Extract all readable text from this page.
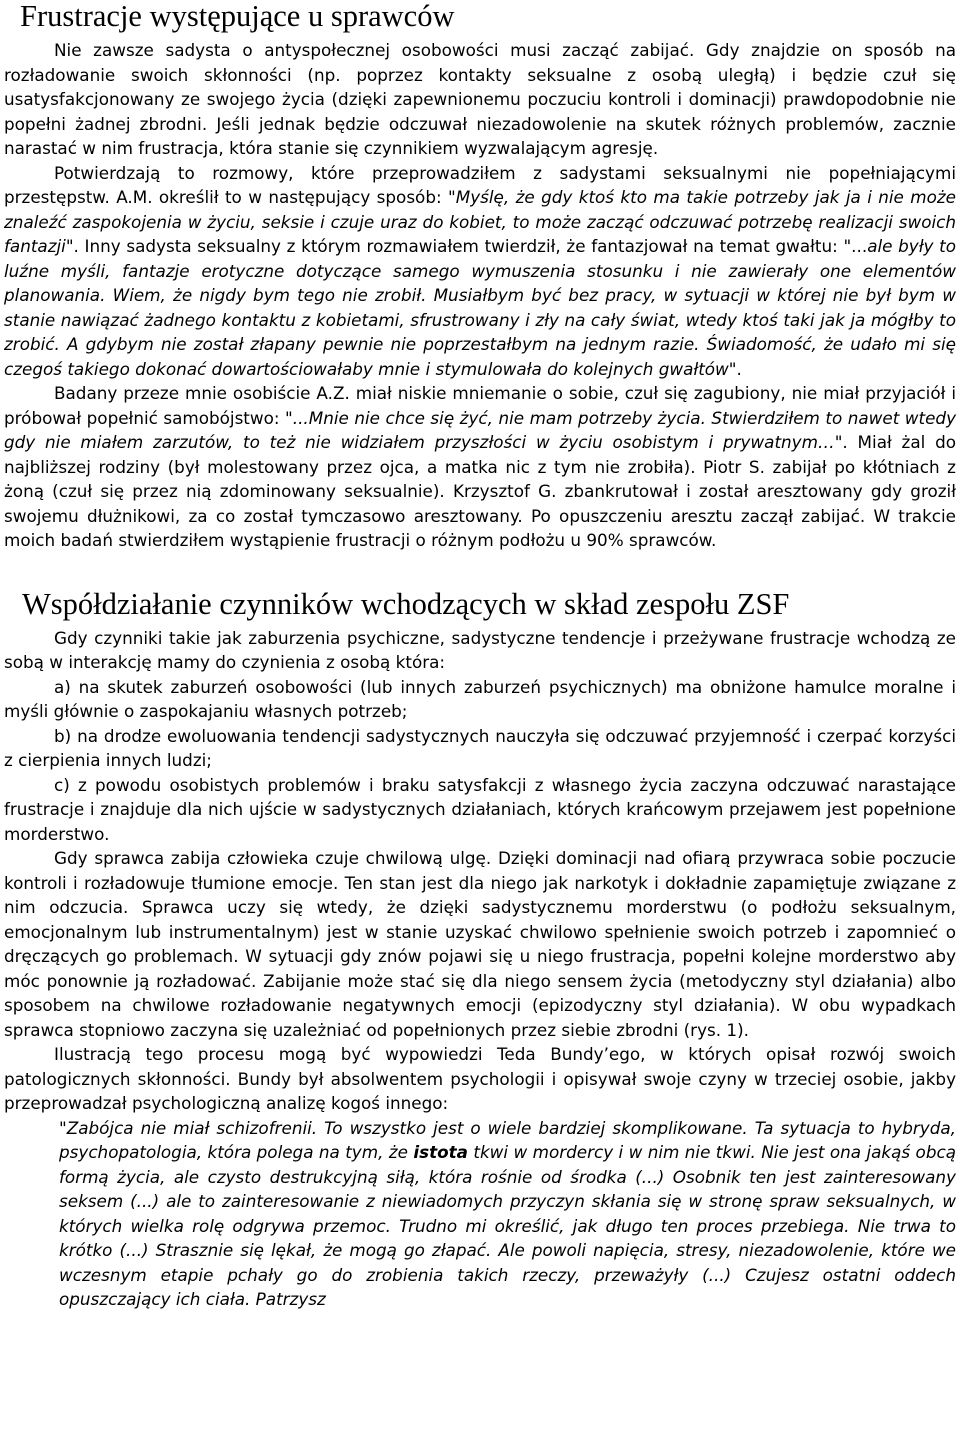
Frustracje występujące u sprawców

Nie zawsze sadysta o antyspołecznej osobowości musi zacząć zabijać. Gdy znajdzie on sposób na rozładowanie swoich skłonności (np. poprzez kontakty seksualne z osobą uległą) i będzie czuł się usatysfakcjonowany ze swojego życia (dzięki zapewnionemu poczuciu kontroli i dominacji) prawdopodobnie nie popełni żadnej zbrodni. Jeśli jednak będzie odczuwał niezadowolenie na skutek różnych problemów, zacznie narastać w nim frustracja, która stanie się czynnikiem wyzwalającym agresję.

Potwierdzają to rozmowy, które przeprowadziłem z sadystami seksualnymi nie popełniającymi przestępstw. A.M. określił to w następujący sposób: "Myślę, że gdy ktoś kto ma takie potrzeby jak ja i nie może znaleźć zaspokojenia w życiu, seksie i czuje uraz do kobiet, to może zacząć odczuwać potrzebę realizacji swoich fantazji". Inny sadysta seksualny z którym rozmawiałem twierdził, że fantazjował na temat gwałtu: "...ale były to luźne myśli, fantazje erotyczne dotyczące samego wymuszenia stosunku i nie zawierały one elementów planowania. Wiem, że nigdy bym tego nie zrobił. Musiałbym być bez pracy, w sytuacji w której nie był bym w stanie nawiązać żadnego kontaktu z kobietami, sfrustrowany i zły na cały świat, wtedy ktoś taki jak ja mógłby to zrobić. A gdybym nie został złapany pewnie nie poprzestałbym na jednym razie. Świadomość, że udało mi się czegoś takiego dokonać dowartościowałaby mnie i stymulowała do kolejnych gwałtów".

Badany przeze mnie osobiście A.Z. miał niskie mniemanie o sobie, czuł się zagubiony, nie miał przyjaciół i próbował popełnić samobójstwo: "...Mnie nie chce się żyć, nie mam potrzeby życia. Stwierdziłem to nawet wtedy gdy nie miałem zarzutów, to też nie widziałem przyszłości w życiu osobistym i prywatnym…". Miał żal do najbliższej rodziny (był molestowany przez ojca, a matka nic z tym nie zrobiła). Piotr S. zabijał po kłótniach z żoną (czuł się przez nią zdominowany seksualnie). Krzysztof G. zbankrutował i został aresztowany gdy groził swojemu dłużnikowi, za co został tymczasowo aresztowany. Po opuszczeniu aresztu zaczął zabijać. W trakcie moich badań stwierdziłem wystąpienie frustracji o różnym podłożu u 90% sprawców.

Współdziałanie czynników wchodzących w skład zespołu ZSF

Gdy czynniki takie jak zaburzenia psychiczne, sadystyczne tendencje i przeżywane frustracje wchodzą ze sobą w interakcję mamy do czynienia z osobą która:

a) na skutek zaburzeń osobowości (lub innych zaburzeń psychicznych) ma obniżone hamulce moralne i myśli głównie o zaspokajaniu własnych potrzeb;

b) na drodze ewoluowania tendencji sadystycznych nauczyła się odczuwać przyjemność i czerpać korzyści z cierpienia innych ludzi;

c) z powodu osobistych problemów i braku satysfakcji z własnego życia zaczyna odczuwać narastające frustracje i znajduje dla nich ujście w sadystycznych działaniach, których krańcowym przejawem jest popełnione morderstwo.

Gdy sprawca zabija człowieka czuje chwilową ulgę. Dzięki dominacji nad ofiarą przywraca sobie poczucie kontroli i rozładowuje tłumione emocje. Ten stan jest dla niego jak narkotyk i dokładnie zapamiętuje związane z nim odczucia. Sprawca uczy się wtedy, że dzięki sadystycznemu morderstwu (o podłożu seksualnym, emocjonalnym lub instrumentalnym) jest w stanie uzyskać chwilowo spełnienie swoich potrzeb i zapomnieć o dręczących go problemach. W sytuacji gdy znów pojawi się u niego frustracja, popełni kolejne morderstwo aby móc ponownie ją rozładować. Zabijanie może stać się dla niego sensem życia (metodyczny styl działania) albo sposobem na chwilowe rozładowanie negatywnych emocji (epizodyczny styl działania). W obu wypadkach sprawca stopniowo zaczyna się uzależniać od popełnionych przez siebie zbrodni (rys. 1).

Ilustracją tego procesu mogą być wypowiedzi Teda Bundy’ego, w których opisał rozwój swoich patologicznych skłonności. Bundy był absolwentem psychologii i opisywał swoje czyny w trzeciej osobie, jakby przeprowadzał psychologiczną analizę kogoś innego:

"Zabójca nie miał schizofrenii. To wszystko jest o wiele bardziej skomplikowane. Ta sytuacja to hybryda, psychopatologia, która polega na tym, że istota tkwi w mordercy i w nim nie tkwi. Nie jest ona jakąś obcą formą życia, ale czysto destrukcyjną siłą, która rośnie od środka (...) Osobnik ten jest zainteresowany seksem (...) ale to zainteresowanie z niewiadomych przyczyn skłania się w stronę spraw seksualnych, w których wielka rolę odgrywa przemoc. Trudno mi określić, jak długo ten proces przebiega. Nie trwa to krótko (...) Strasznie się lękał, że mogą go złapać. Ale powoli napięcia, stresy, niezadowolenie, które we wczesnym etapie pchały go do zrobienia takich rzeczy, przeważyły (...) Czujesz ostatni oddech opuszczający ich ciała. Patrzysz
